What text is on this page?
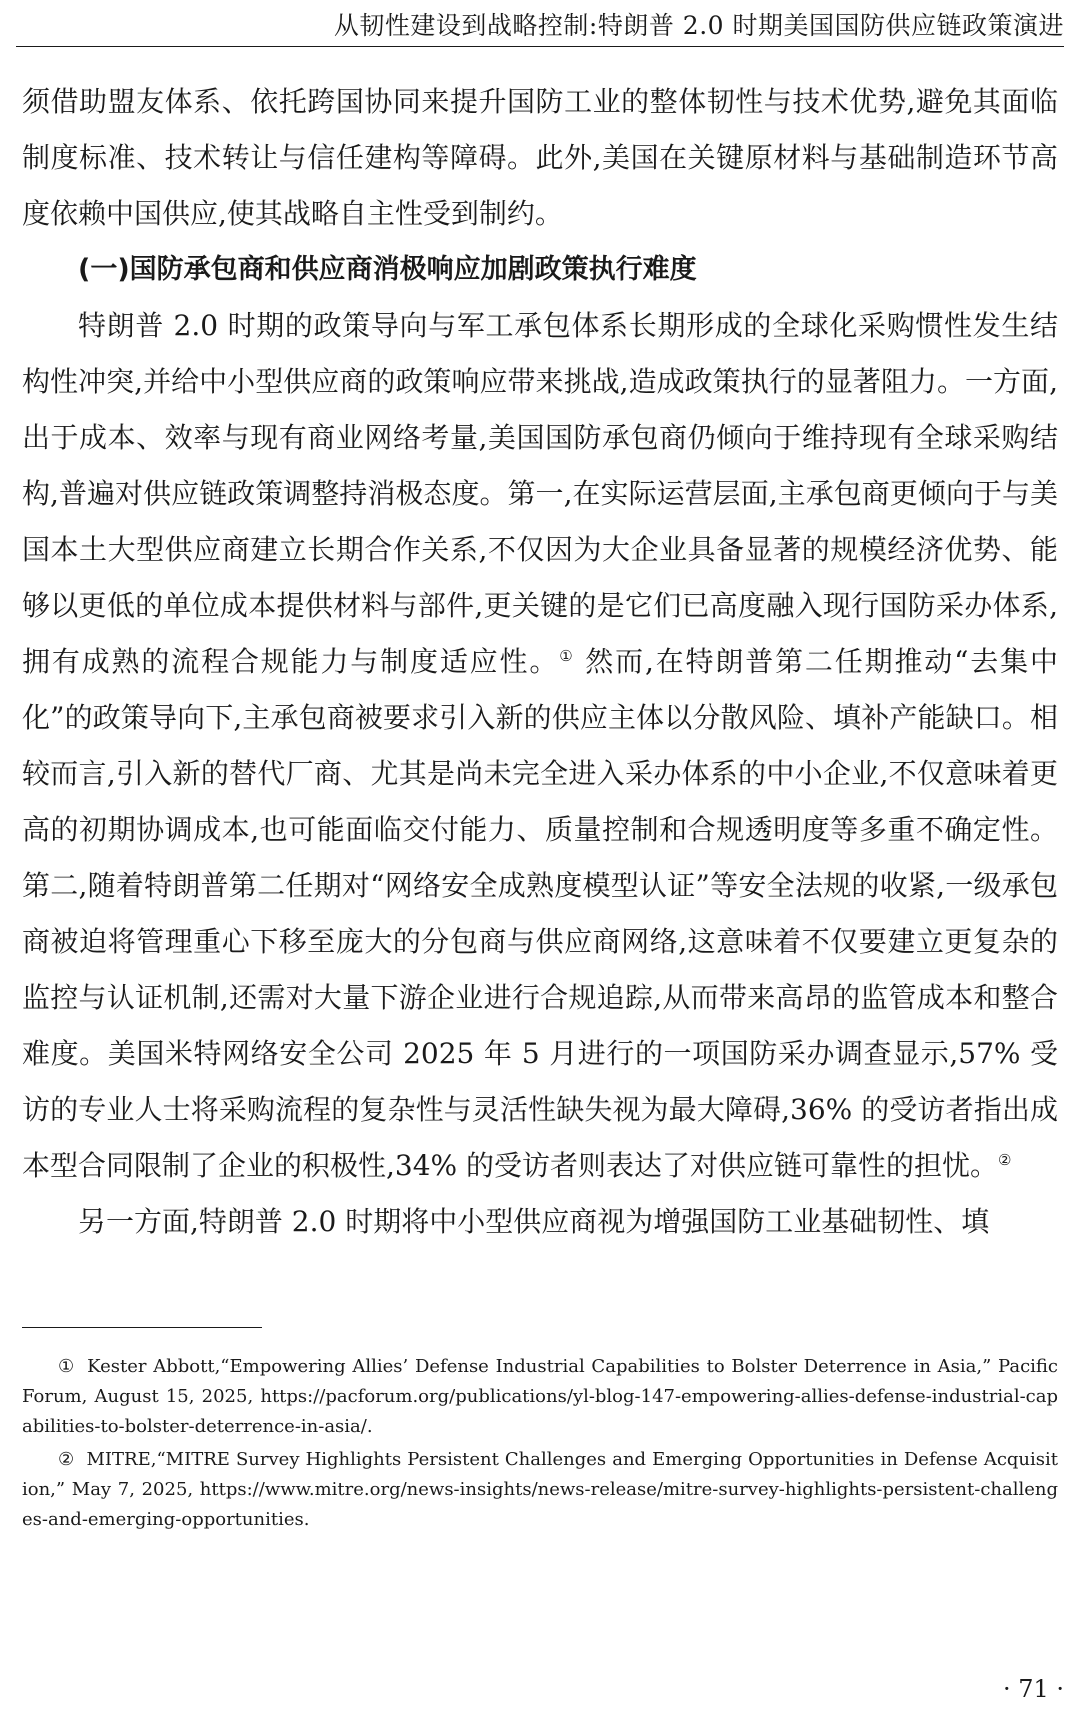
从韧性建设到战略控制:特朗普 2.0 时期美国国防供应链政策演进

须借助盟友体系、依托跨国协同来提升国防工业的整体韧性与技术优势,避免其面临制度标准、技术转让与信任建构等障碍。此外,美国在关键原材料与基础制造环节高度依赖中国供应,使其战略自主性受到制约。

(一)国防承包商和供应商消极响应加剧政策执行难度

特朗普 2.0 时期的政策导向与军工承包体系长期形成的全球化采购惯性发生结构性冲突,并给中小型供应商的政策响应带来挑战,造成政策执行的显著阻力。一方面,出于成本、效率与现有商业网络考量,美国国防承包商仍倾向于维持现有全球采购结构,普遍对供应链政策调整持消极态度。第一,在实际运营层面,主承包商更倾向于与美国本土大型供应商建立长期合作关系,不仅因为大企业具备显著的规模经济优势、能够以更低的单位成本提供材料与部件,更关键的是它们已高度融入现行国防采办体系,拥有成熟的流程合规能力与制度适应性。① 然而,在特朗普第二任期推动“去集中化”的政策导向下,主承包商被要求引入新的供应主体以分散风险、填补产能缺口。相较而言,引入新的替代厂商、尤其是尚未完全进入采办体系的中小企业,不仅意味着更高的初期协调成本,也可能面临交付能力、质量控制和合规透明度等多重不确定性。第二,随着特朗普第二任期对“网络安全成熟度模型认证”等安全法规的收紧,一级承包商被迫将管理重心下移至庞大的分包商与供应商网络,这意味着不仅要建立更复杂的监控与认证机制,还需对大量下游企业进行合规追踪,从而带来高昂的监管成本和整合难度。美国米特网络安全公司 2025 年 5 月进行的一项国防采办调查显示,57% 受访的专业人士将采购流程的复杂性与灵活性缺失视为最大障碍,36% 的受访者指出成本型合同限制了企业的积极性,34% 的受访者则表达了对供应链可靠性的担忧。②

另一方面,特朗普 2.0 时期将中小型供应商视为增强国防工业基础韧性、填

① Kester Abbott,“Empowering Allies’ Defense Industrial Capabilities to Bolster Deterrence in Asia,” Pacific Forum, August 15, 2025, https://pacforum.org/publications/yl-blog-147-empowering-allies-defense-industrial-capabilities-to-bolster-deterrence-in-asia/.

② MITRE,“MITRE Survey Highlights Persistent Challenges and Emerging Opportunities in Defense Acquisition,” May 7, 2025, https://www.mitre.org/news-insights/news-release/mitre-survey-highlights-persistent-challenges-and-emerging-opportunities.

· 71 ·
